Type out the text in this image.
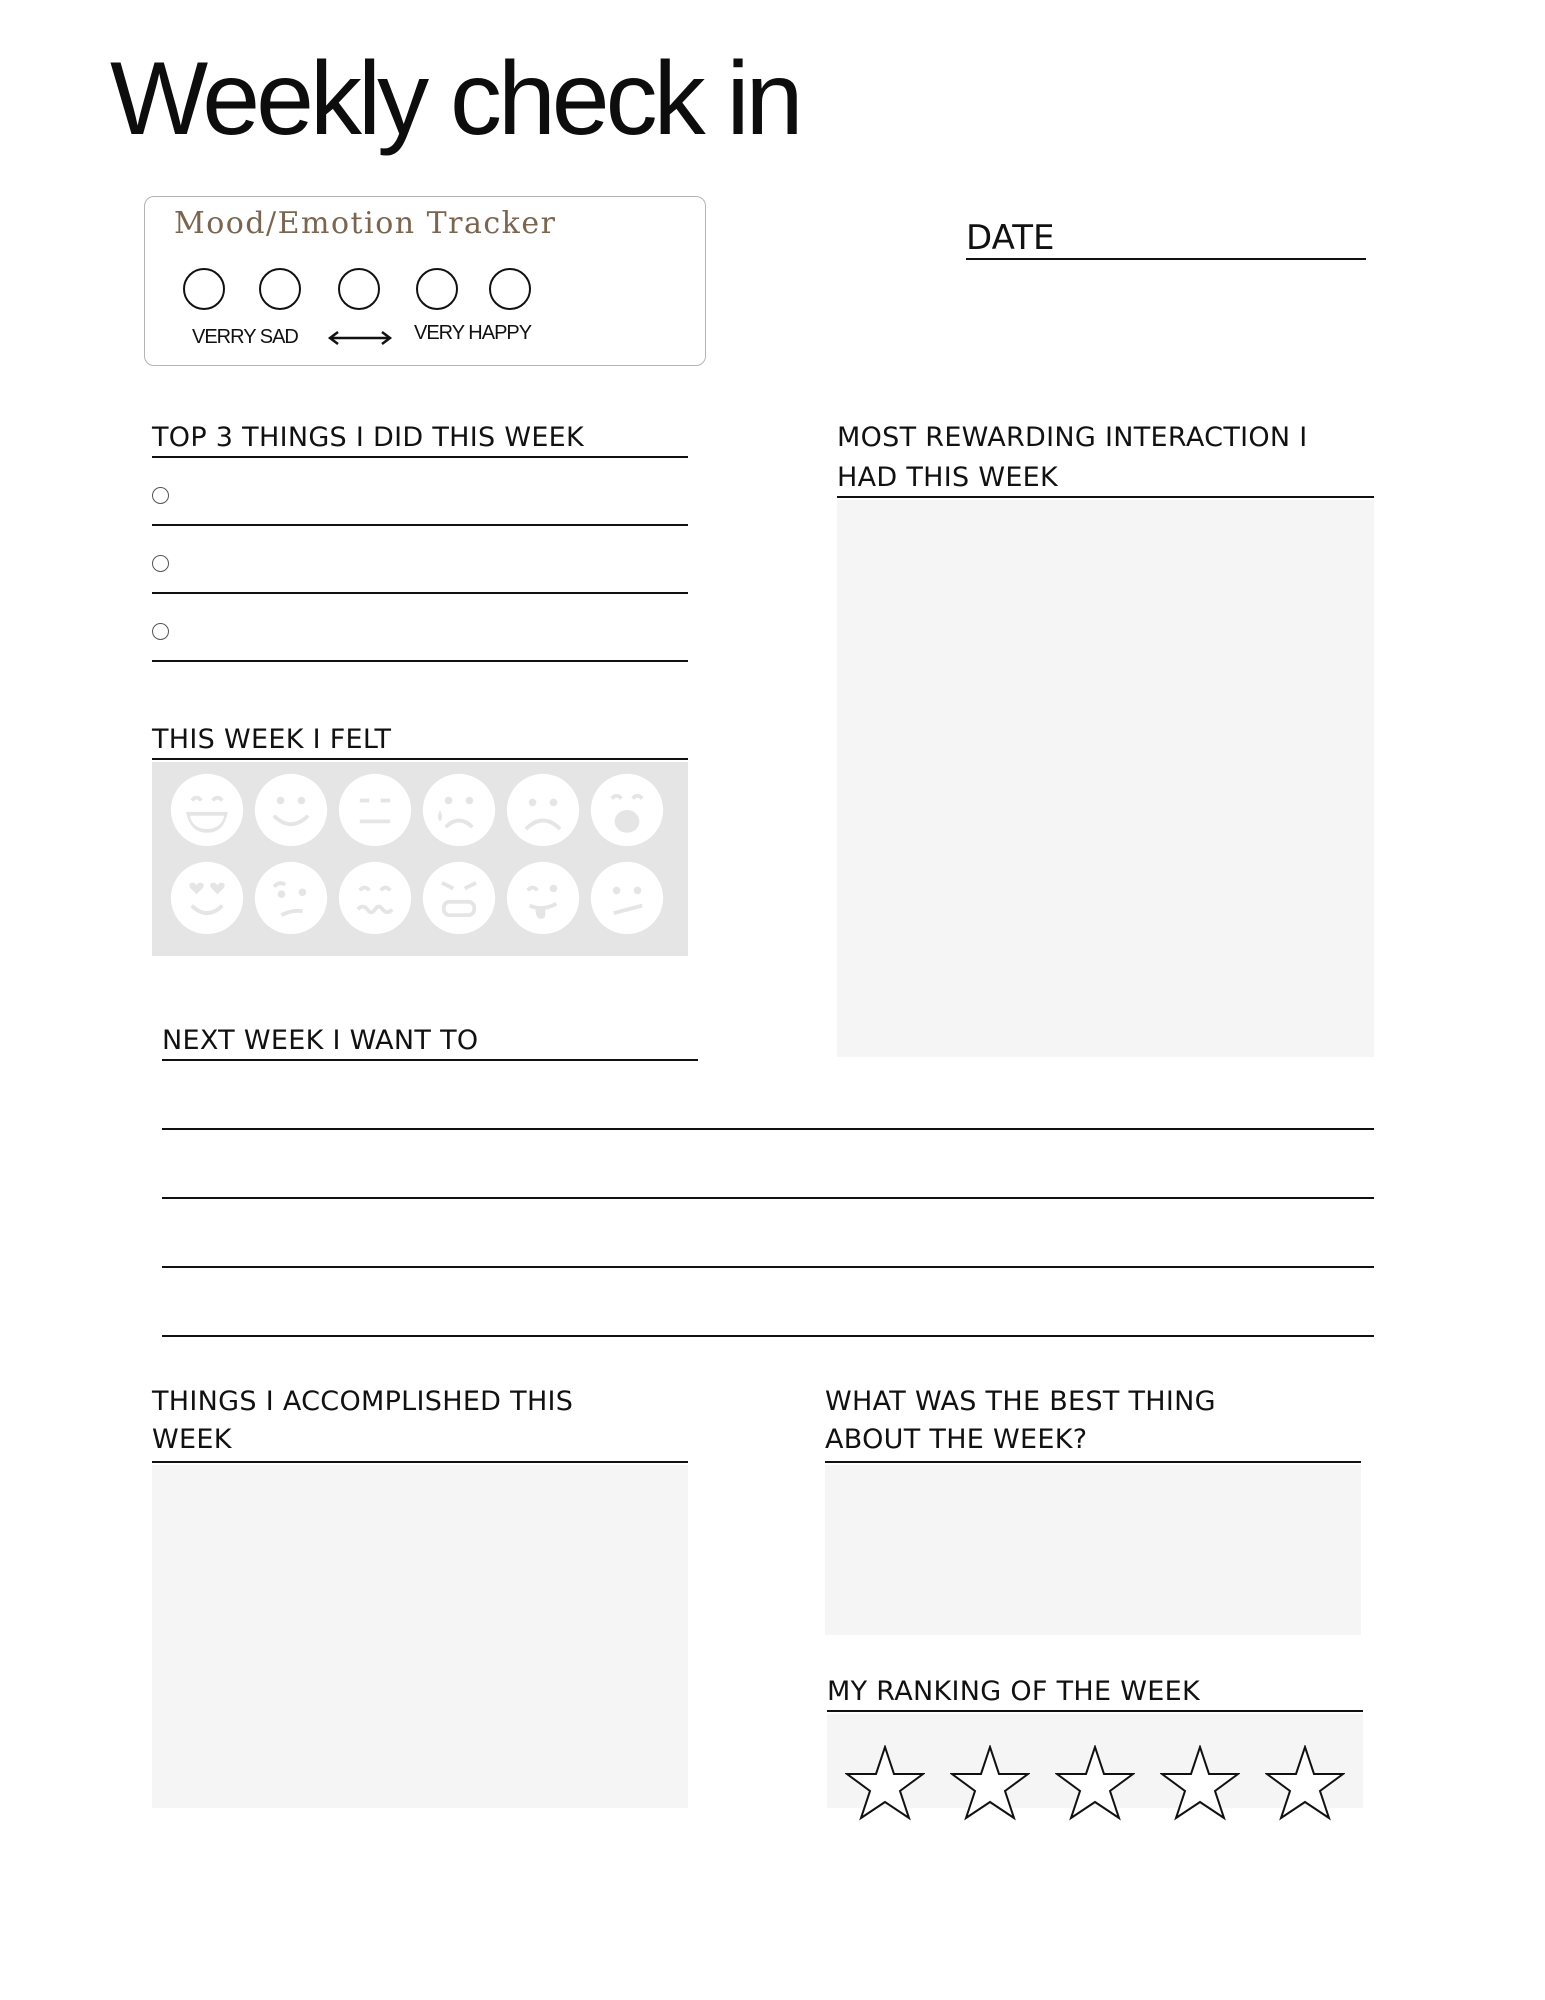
Weekly check in
Mood/Emotion Tracker
VERRY SAD	VERY HAPPY
DATE
TOP 3 THINGS I DID THIS WEEK	MOST REWARDING INTERACTION I
HAD THIS WEEK
THIS WEEK I FELT
NEXT WEEK I WANT TO
THINGS I ACCOMPLISHED THIS
WEEK
WHAT WAS THE BEST THING
ABOUT THE WEEK?
MY RANKING OF THE WEEK
